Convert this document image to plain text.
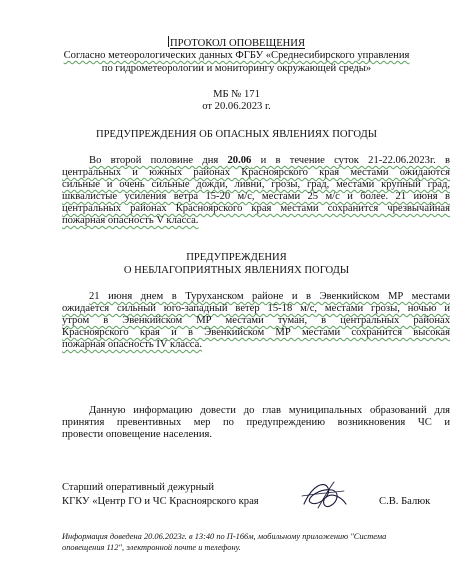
ПРОТОКОЛ ОПОВЕЩЕНИЯ
Согласно метеорологических данных ФГБУ «Среднесибирского управления
по гидрометеорологии и мониторингу окружающей среды»
МБ № 171
от 20.06.2023 г.
ПРЕДУПРЕЖДЕНИЯ ОБ ОПАСНЫХ ЯВЛЕНИЯХ ПОГОДЫ
Во второй половине дня 20.06 и в течение суток 21-22.06.2023г. в
центральных и южных районах Красноярского края местами ожидаются
сильные и очень сильные дожди, ливни, грозы, град, местами крупный град,
шквалистые усиления ветра 15-20 м/с, местами 25 м/с и более. 21 июня в
центральных районах Красноярского края местами сохранится чрезвычайная
пожарная опасность V класса.
ПРЕДУПРЕЖДЕНИЯ
О НЕБЛАГОПРИЯТНЫХ ЯВЛЕНИЯХ ПОГОДЫ
21 июня днем в Туруханском районе и в Эвенкийском МР местами
ожидается сильный юго-западный ветер 15-18 м/с, местами грозы, ночью и
утром в Эвенкийском МР местами туман, в центральных районах
Красноярского края и в Эвенкийском МР местами сохранится высокая
пожарная опасность IV класса.
Данную информацию довести до глав муниципальных образований для
принятия превентивных мер по предупреждению возникновения ЧС и
провести оповещение населения.
Старший оперативный дежурный
КГКУ «Центр ГО и ЧС Красноярского края	С.В. Балюк
Информация доведена 20.06.2023г. в 13:40 по П-166м, мобильному приложению "Система
оповещения 112", электронной почте и телефону.
